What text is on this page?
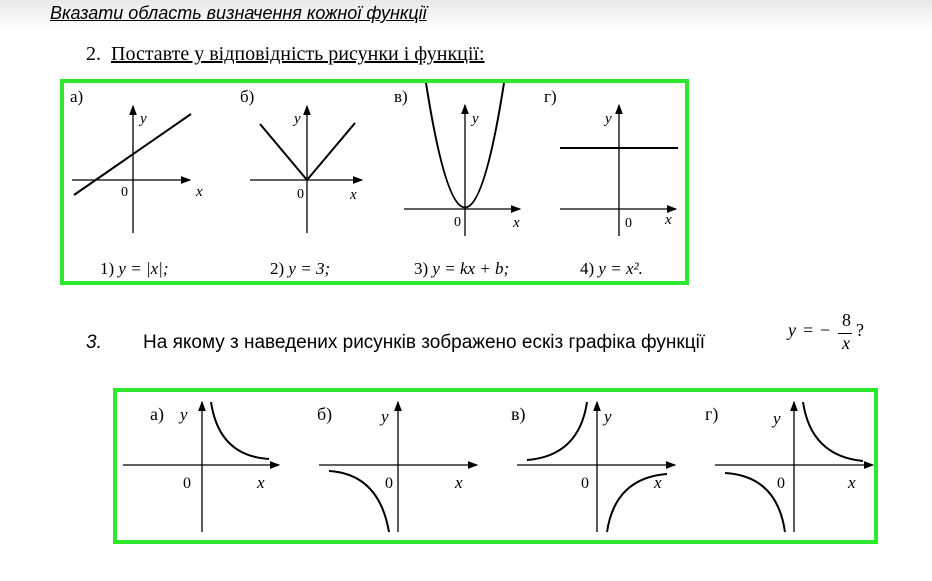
Вказати область визначення кожної функції
2. Поставте у відповідність рисунки і функції:
а)	б)	в)	г)
y
x
0
y
x
0
y
x
0
y
x
0
1) y = |x|;	2) y = 3;	3) y = kx + b;	4) y = x².
3. На якому з наведених рисунків зображено ескіз графіка функції
y = − 8
x
?
а)	б)	в)	г)
y
x
0
y
x
0
y
x
0
y
x
0
